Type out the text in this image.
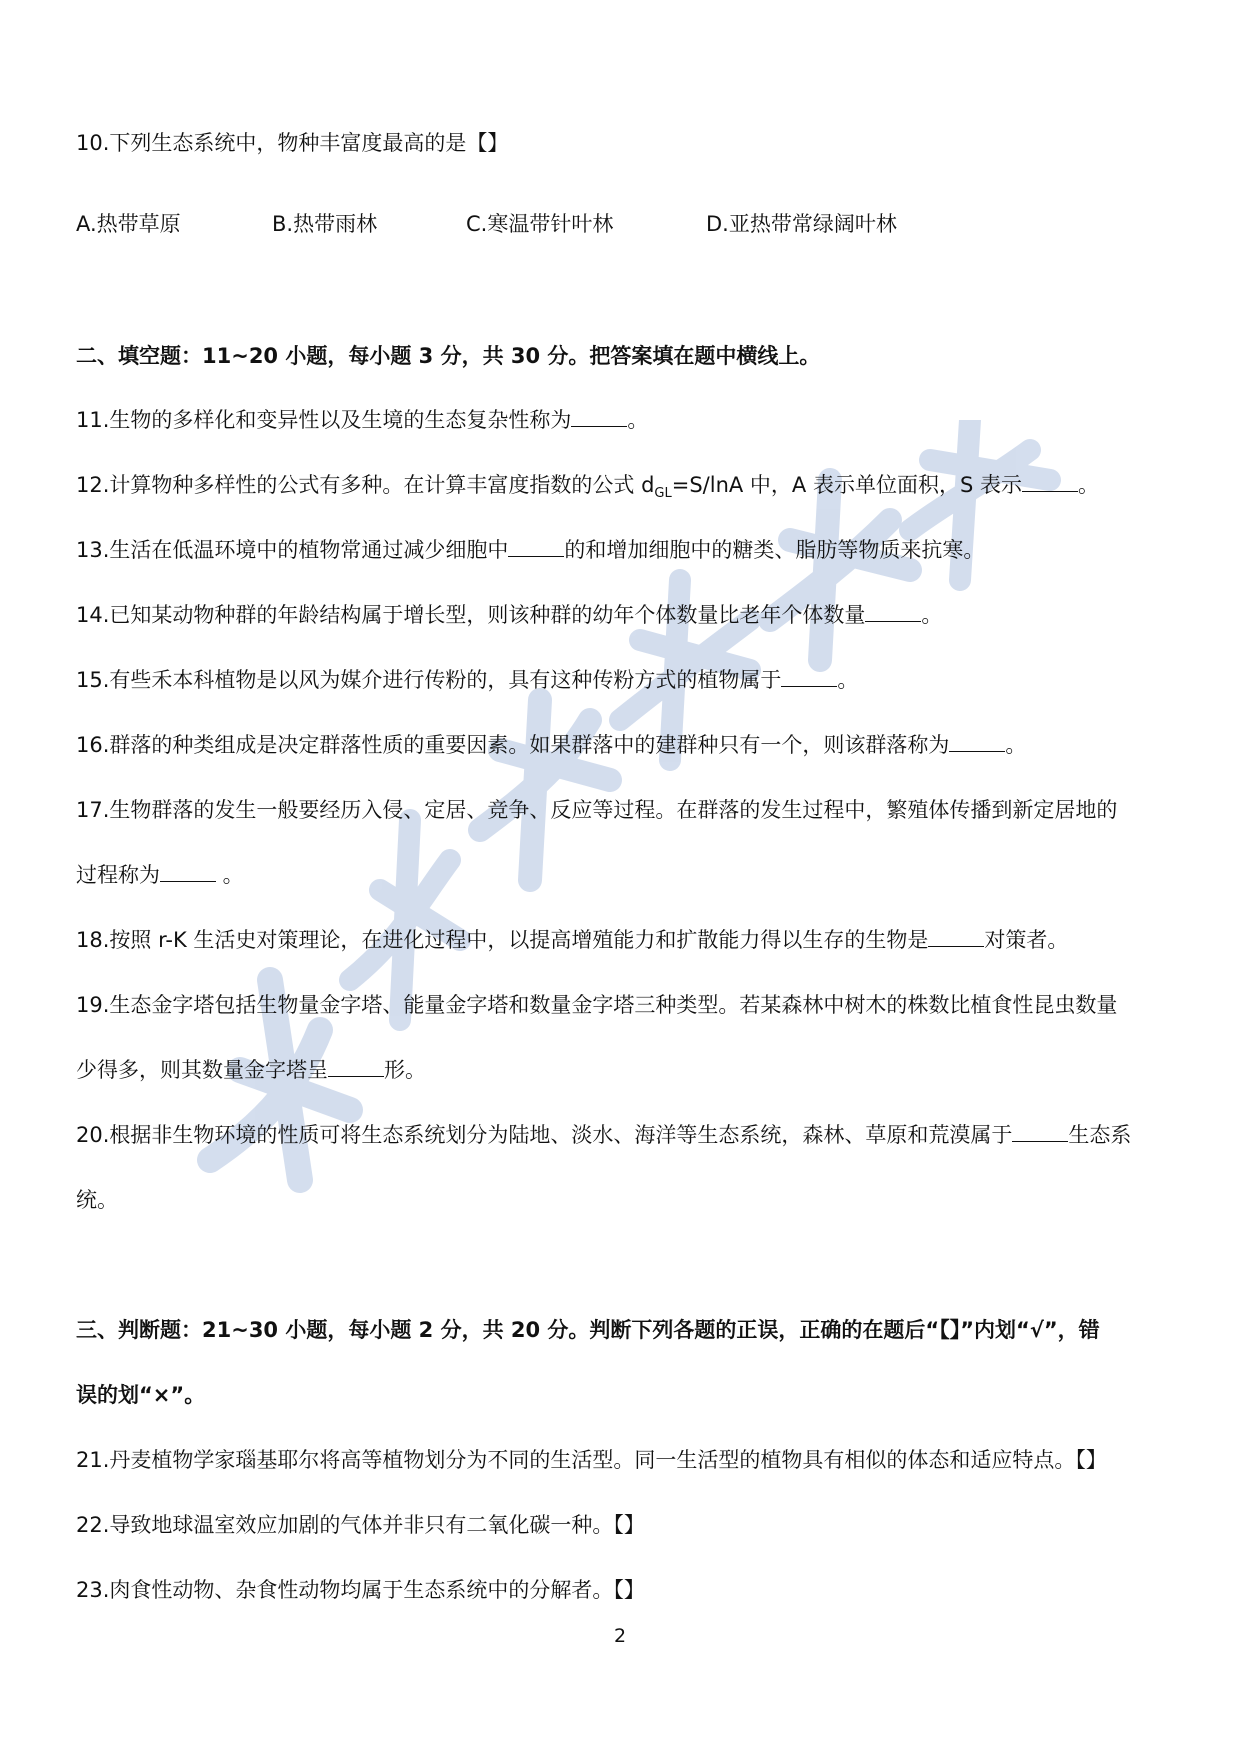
10.下列生态系统中，物种丰富度最高的是【】
A.热带草原	B.热带雨林	C.寒温带针叶林	D.亚热带常绿阔叶林
二、填空题：11~20 小题，每小题 3 分，共 30 分。把答案填在题中横线上。
11.生物的多样化和变异性以及生境的生态复杂性称为	。
12.计算物种多样性的公式有多种。在计算丰富度指数的公式 $d_{GL}=S$/lnA 中，A 表示单位面积，S 表示	。
13.生活在低温环境中的植物常通过减少细胞中	的和增加细胞中的糖类、脂肪等物质来抗寒。
14.已知某动物种群的年龄结构属于增长型，则该种群的幼年个体数量比老年个体数量	。
15.有些禾本科植物是以风为媒介进行传粉的，具有这种传粉方式的植物属于	。
16.群落的种类组成是决定群落性质的重要因素。如果群落中的建群种只有一个，则该群落称为	。
17.生物群落的发生一般要经历入侵、定居、竞争、反应等过程。在群落的发生过程中，繁殖体传播到新定居地的
过程称为	。
18.按照 r-K 生活史对策理论，在进化过程中，以提高增殖能力和扩散能力得以生存的生物是	对策者。
19.生态金字塔包括生物量金字塔、能量金字塔和数量金字塔三种类型。若某森林中树木的株数比植食性昆虫数量
少得多，则其数量金字塔呈	形。
20.根据非生物环境的性质可将生态系统划分为陆地、淡水、海洋等生态系统，森林、草原和荒漠属于	生态系
统。
三、判断题：21~30 小题，每小题 2 分，共 20 分。判断下列各题的正误，正确的在题后“【】”内划“√”，错
误的划“×”。
21.丹麦植物学家瑙基耶尔将高等植物划分为不同的生活型。同一生活型的植物具有相似的体态和适应特点。【】
22.导致地球温室效应加剧的气体并非只有二氧化碳一种。【】
23.肉食性动物、杂食性动物均属于生态系统中的分解者。【】
2
